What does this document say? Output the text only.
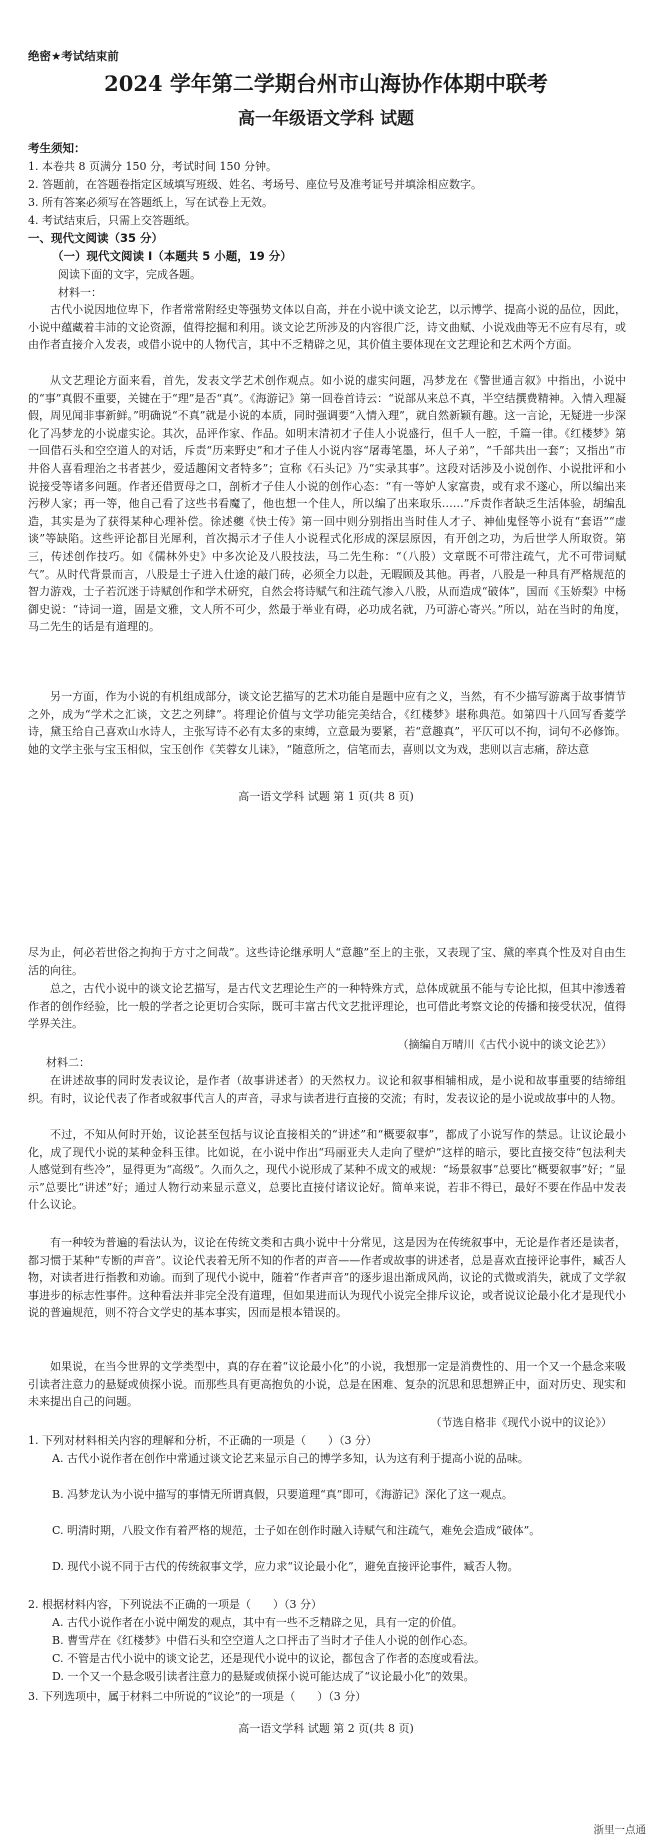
绝密★考试结束前
2024 学年第二学期台州市山海协作体期中联考
高一年级语文学科 试题
考生须知：
1. 本卷共 8 页满分 150 分，考试时间 150 分钟。
2. 答题前，在答题卷指定区域填写班级、姓名、考场号、座位号及准考证号并填涂相应数字。
3. 所有答案必须写在答题纸上，写在试卷上无效。
4. 考试结束后，只需上交答题纸。
一、现代文阅读（35 分）
（一）现代文阅读 I（本题共 5 小题，19 分）
阅读下面的文字，完成各题。
材料一：
古代小说因地位卑下，作者常常附经史等强势文体以自高，并在小说中谈文论艺，以示博学、提高小说的品位，因此，小说中蕴藏着丰沛的文论资源，值得挖掘和利用。谈文论艺所涉及的内容很广泛，诗文曲赋、小说戏曲等无不应有尽有，或由作者直接介入发表，或借小说中的人物代言，其中不乏精辟之见，其价值主要体现在文艺理论和艺术两个方面。
从文艺理论方面来看，首先，发表文学艺术创作观点。如小说的虚实问题，冯梦龙在《警世通言叙》中指出，小说中的“事”真假不重要，关键在于“理”是否“真”。《海游记》第一回卷首诗云：“说部从来总不真，半空结撰费精神。入情入理凝假，周见闻非事新鲜。”明确说“不真”就是小说的本质，同时强调要“入情入理”，就自然新颖有趣。这一言论，无疑进一步深化了冯梦龙的小说虚实论。其次，品评作家、作品。如明末清初才子佳人小说盛行，但千人一腔，千篇一律。《红楼梦》第一回借石头和空空道人的对话，斥责“历来野史”和才子佳人小说内容“屠毒笔墨，坏人子弟”，“千部共出一套”；又指出“市井俗人喜看理治之书者甚少，爱适趣闲文者特多”；宣称《石头记》乃“实录其事”。这段对话涉及小说创作、小说批评和小说接受等诸多问题。作者还借贾母之口，剖析才子佳人小说的创作心态：“有一等妒人家富贵，或有求不遂心，所以编出来污秽人家；再一等，他自己看了这些书看魔了，他也想一个佳人，所以编了出来取乐……”斥责作者缺乏生活体验，胡编乱造，其实是为了获得某种心理补偿。徐述夔《快士传》第一回中则分别指出当时佳人才子、神仙鬼怪等小说有“套语”“虚谈”等缺陷。这些评论都目光犀利，首次揭示才子佳人小说程式化形成的深层原因，有开创之功，为后世学人所取资。第三，传述创作技巧。如《儒林外史》中多次论及八股技法，马二先生称：“（八股）文章既不可带注疏气，尤不可带词赋气”。从时代背景而言，八股是士子进入仕途的敲门砖，必须全力以赴，无暇顾及其他。再者，八股是一种具有严格规范的智力游戏，士子若沉迷于诗赋创作和学术研究，自然会将诗赋气和注疏气渗入八股，从而造成“破体”，国而《玉娇梨》中杨御史说：“诗词一道，固是文雅，文人所不可少，然最于举业有碍，必功成名就，乃可游心寄兴。”所以，站在当时的角度，马二先生的话是有道理的。
另一方面，作为小说的有机组成部分，谈文论艺描写的艺术功能自是题中应有之义，当然，有不少描写游离于故事情节之外，成为“学术之汇谈，文艺之列肆”。将理论价值与文学功能完美结合，《红楼梦》堪称典范。如第四十八回写香菱学诗，黛玉给自己喜欢山水诗人，主张写诗不必有太多的束缚，立意最为要紧，若“意趣真”，平仄可以不拘，词句不必修饰。她的文学主张与宝玉相似，宝玉创作《芙蓉女儿诔》，“随意所之，信笔而去，喜则以文为戏，悲则以言志痛，辞达意
高一语文学科 试题 第 1 页(共 8 页)
尽为止，何必若世俗之拘拘于方寸之间哉”。这些诗论继承明人“意趣”至上的主张，又表现了宝、黛的率真个性及对自由生活的向往。
总之，古代小说中的谈文论艺描写，是古代文艺理论生产的一种特殊方式，总体成就虽不能与专论比拟，但其中渗透着作者的创作经验，比一般的学者之论更切合实际，既可丰富古代文艺批评理论，也可借此考察文论的传播和接受状况，值得学界关注。
（摘编自万晴川《古代小说中的谈文论艺》）
材料二：
在讲述故事的同时发表议论，是作者（故事讲述者）的天然权力。议论和叙事相辅相成，是小说和故事重要的结缔组织。有时，议论代表了作者或叙事代言人的声音，寻求与读者进行直接的交流；有时，发表议论的是小说或故事中的人物。
不过，不知从何时开始，议论甚至包括与议论直接相关的“讲述”和“概要叙事”，都成了小说写作的禁忌。让议论最小化，成了现代小说的某种金科玉律。比如说，在小说中作出“玛丽亚夫人走向了壁炉”这样的暗示，要比直接交待“包法利夫人感觉到有些冷”，显得更为“高级”。久而久之，现代小说形成了某种不成文的戒规：“场景叙事”总要比“概要叙事”好；“显示”总要比“讲述”好；通过人物行动来显示意义，总要比直接付诸议论好。简单来说，若非不得已，最好不要在作品中发表什么议论。
有一种较为普遍的看法认为，议论在传统文类和古典小说中十分常见，这是因为在传统叙事中，无论是作者还是读者，都习惯于某种“专断的声音”。议论代表着无所不知的作者的声音——作者或故事的讲述者，总是喜欢直接评论事件，臧否人物，对读者进行指教和劝谕。而到了现代小说中，随着“作者声音”的逐步退出渐成风尚，议论的式微或消失，就成了文学叙事进步的标志性事件。这种看法并非完全没有道理，但如果进而认为现代小说完全排斥议论，或者说议论最小化才是现代小说的普遍规范，则不符合文学史的基本事实，因而是根本错误的。
如果说，在当今世界的文学类型中，真的存在着“议论最小化”的小说，我想那一定是消费性的、用一个又一个悬念来吸引读者注意力的悬疑或侦探小说。而那些具有更高抱负的小说，总是在困难、复杂的沉思和思想辨正中，面对历史、现实和未来提出自己的问题。
（节选自格非《现代小说中的议论》）
1. 下列对材料相关内容的理解和分析，不正确的一项是（　　）（3 分）
A. 古代小说作者在创作中常通过谈文论艺来显示自己的博学多知，认为这有利于提高小说的品味。
B. 冯梦龙认为小说中描写的事情无所谓真假，只要道理“真”即可，《海游记》深化了这一观点。
C. 明清时期，八股文作有着严格的规范，士子如在创作时融入诗赋气和注疏气，难免会造成“破体”。
D. 现代小说不同于古代的传统叙事文学，应力求“议论最小化”，避免直接评论事件，臧否人物。
2. 根据材料内容，下列说法不正确的一项是（　　）（3 分）
A. 古代小说作者在小说中阐发的观点，其中有一些不乏精辟之见，具有一定的价值。
B. 曹雪芹在《红楼梦》中借石头和空空道人之口抨击了当时才子佳人小说的创作心态。
C. 不管是古代小说中的谈文论艺，还是现代小说中的议论，都包含了作者的态度或看法。
D. 一个又一个悬念吸引读者注意力的悬疑或侦探小说可能达成了“议论最小化”的效果。
3. 下列选项中，属于材料二中所说的“议论”的一项是（　　）（3 分）
高一语文学科 试题 第 2 页(共 8 页)
浙里一点通
